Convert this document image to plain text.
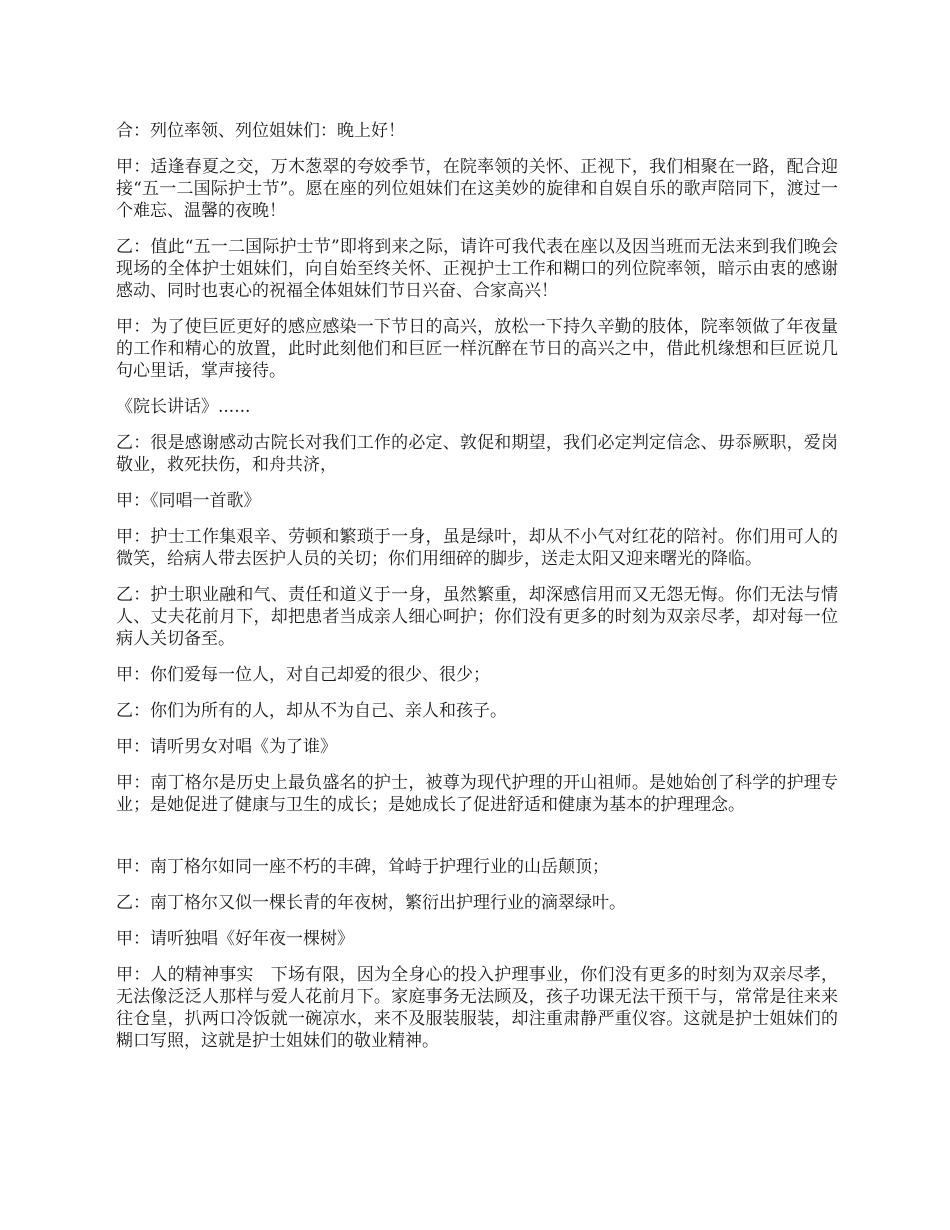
合：列位率领、列位姐妹们：晚上好！

甲：适逢春夏之交，万木葱翠的夸姣季节，在院率领的关怀、正视下，我们相聚在一路，配合迎接“五一二国际护士节”。愿在座的列位姐妹们在这美妙的旋律和自娱自乐的歌声陪同下，渡过一个难忘、温馨的夜晚！

乙：值此“五一二国际护士节”即将到来之际，请许可我代表在座以及因当班而无法来到我们晚会现场的全体护士姐妹们，向自始至终关怀、正视护士工作和糊口的列位院率领，暗示由衷的感谢感动、同时也衷心的祝福全体姐妹们节日兴奋、合家高兴！

甲：为了使巨匠更好的感应感染一下节日的高兴，放松一下持久辛勤的肢体，院率领做了年夜量的工作和精心的放置，此时此刻他们和巨匠一样沉醉在节日的高兴之中，借此机缘想和巨匠说几句心里话，掌声接待。

《院长讲话》......

乙：很是感谢感动古院长对我们工作的必定、敦促和期望，我们必定判定信念、毋忝厥职，爱岗敬业，救死扶伤，和舟共济，

甲：《同唱一首歌》

甲：护士工作集艰辛、劳顿和繁琐于一身，虽是绿叶，却从不小气对红花的陪衬。你们用可人的微笑，给病人带去医护人员的关切；你们用细碎的脚步，送走太阳又迎来曙光的降临。

乙：护士职业融和气、责任和道义于一身，虽然繁重，却深感信用而又无怨无悔。你们无法与情人、丈夫花前月下，却把患者当成亲人细心呵护；你们没有更多的时刻为双亲尽孝，却对每一位病人关切备至。

甲：你们爱每一位人，对自己却爱的很少、很少；

乙：你们为所有的人，却从不为自己、亲人和孩子。

甲：请听男女对唱《为了谁》

甲：南丁格尔是历史上最负盛名的护士，被尊为现代护理的开山祖师。是她始创了科学的护理专业；是她促进了健康与卫生的成长；是她成长了促进舒适和健康为基本的护理理念。

甲：南丁格尔如同一座不朽的丰碑，耸峙于护理行业的山岳颠顶；

乙：南丁格尔又似一棵长青的年夜树，繁衍出护理行业的滴翠绿叶。

甲：请听独唱《好年夜一棵树》

甲：人的精神事实　下场有限，因为全身心的投入护理事业，你们没有更多的时刻为双亲尽孝，无法像泛泛人那样与爱人花前月下。家庭事务无法顾及，孩子功课无法干预干与，常常是往来来往仓皇，扒两口冷饭就一碗凉水，来不及服装服装，却注重肃静严重仪容。这就是护士姐妹们的糊口写照，这就是护士姐妹们的敬业精神。
